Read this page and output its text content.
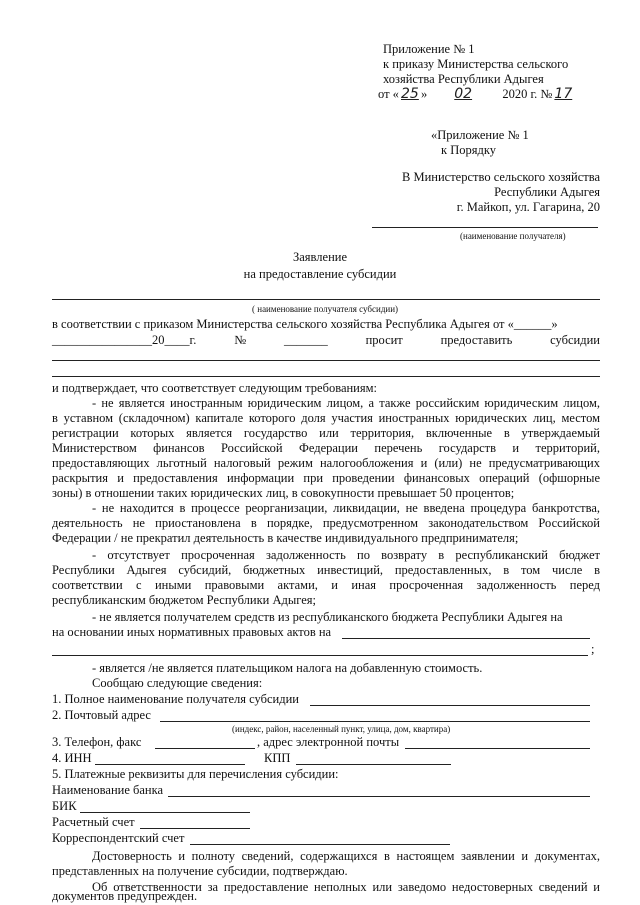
Приложение № 1
к приказу Министерства сельского
хозяйства Республики Адыгея
от « 25 » 02 2020 г. № 17
«Приложение № 1
к Порядку
В Министерство сельского хозяйства
Республики Адыгея
г. Майкоп, ул. Гагарина, 20
(наименование получателя)
Заявление
на предоставление субсидии
( наименование получателя субсидии)
в соответствии с приказом Министерства сельского хозяйства Республика Адыгея от «______»
________________20____г.	№	_______	просит	предоставить	субсидии
и подтверждает, что соответствует следующим требованиям:
- не является иностранным юридическим лицом, а также российским юридическим лицом,
в уставном (складочном) капитале которого доля участия иностранных юридических лиц, местом
регистрации которых является государство или территория, включенные в утверждаемый
Министерством финансов Российской Федерации перечень государств и территорий,
предоставляющих льготный налоговый режим налогообложения и (или) не предусматривающих
раскрытия и предоставления информации при проведении финансовых операций (офшорные
зоны) в отношении таких юридических лиц, в совокупности превышает 50 процентов;
- не находится в процессе реорганизации, ликвидации, не введена процедура банкротства,
деятельность не приостановлена в порядке, предусмотренном законодательством Российской
Федерации / не прекратил деятельность в качестве индивидуального предпринимателя;
- отсутствует просроченная задолженность по возврату в республиканский бюджет
Республики Адыгея субсидий, бюджетных инвестиций, предоставленных, в том числе в
соответствии с иными правовыми актами, и иная просроченная задолженность перед
республиканским бюджетом Республики Адыгея;
- не является получателем средств из республиканского бюджета Республики Адыгея на
на основании иных нормативных правовых актов на
;
- является /не является плательщиком налога на добавленную стоимость.
Сообщаю следующие сведения:
1. Полное наименование получателя субсидии
2. Почтовый адрес
(индекс, район, населенный пункт, улица, дом, квартира)
3. Телефон, факс	, адрес электронной почты
4. ИНН	КПП
5. Платежные реквизиты для перечисления субсидии:
Наименование банка
БИК
Расчетный счет
Корреспондентский счет
Достоверность и полноту сведений, содержащихся в настоящем заявлении и документах,
представленных на получение субсидии, подтверждаю.
Об ответственности за предоставление неполных или заведомо недостоверных сведений и
документов предупрежден.
